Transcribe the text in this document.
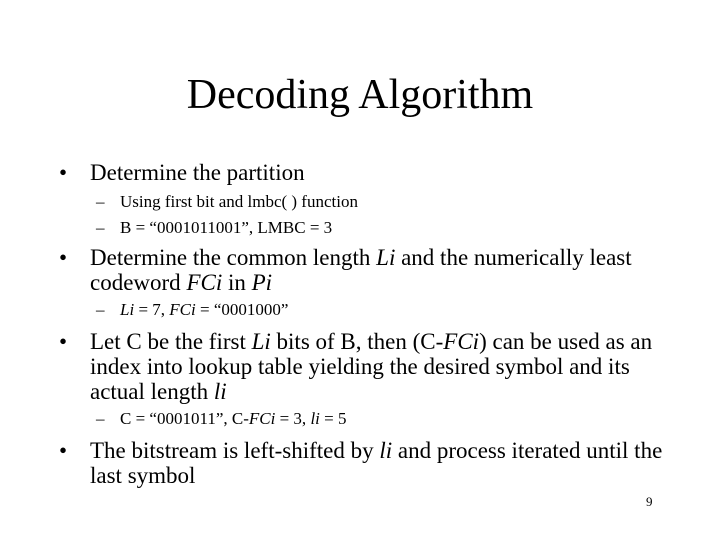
Decoding Algorithm
• Determine the partition
– Using first bit and lmbc( ) function
– B = “0001011001”, LMBC = 3
• Determine the common length Li and the numerically least codeword FCi in Pi
– Li = 7, FCi = “0001000”
• Let C be the first Li bits of B, then (C-FCi) can be used as an index into lookup table yielding the desired symbol and its actual length li
– C = “0001011”, C-FCi = 3, li = 5
• The bitstream is left-shifted by li and process iterated until the last symbol
9
